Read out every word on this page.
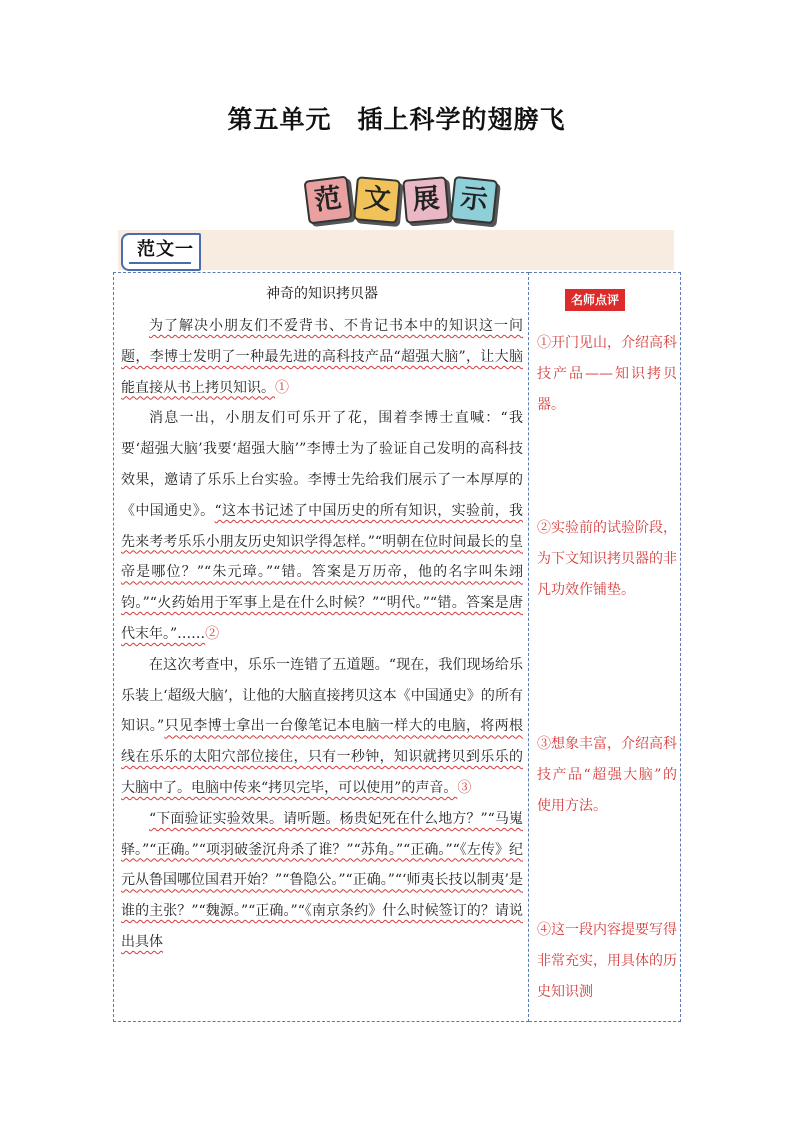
第五单元　插上科学的翅膀飞
范 文 展 示
范文一
神奇的知识拷贝器

为了解决小朋友们不爱背书、不肯记书本中的知识这一问题，李博士发明了一种最先进的高科技产品“超强大脑”，让大脑能直接从书上拷贝知识。①

消息一出，小朋友们可乐开了花，围着李博士直喊：“我要‘超强大脑’我要‘超强大脑’”李博士为了验证自己发明的高科技效果，邀请了乐乐上台实验。李博士先给我们展示了一本厚厚的《中国通史》。“这本书记述了中国历史的所有知识，实验前，我先来考考乐乐小朋友历史知识学得怎样。”“明朝在位时间最长的皇帝是哪位？”“朱元璋。”“错。答案是万历帝，他的名字叫朱翊钧。”“火药始用于军事上是在什么时候？”“明代。”“错。答案是唐代末年。”……②

在这次考查中，乐乐一连错了五道题。“现在，我们现场给乐乐装上‘超级大脑’，让他的大脑直接拷贝这本《中国通史》的所有知识。”只见李博士拿出一台像笔记本电脑一样大的电脑，将两根线在乐乐的太阳穴部位接住，只有一秒钟，知识就拷贝到乐乐的大脑中了。电脑中传来“拷贝完毕，可以使用”的声音。③

“下面验证实验效果。请听题。杨贵妃死在什么地方？”“马嵬驿。”“正确。”“项羽破釜沉舟杀了谁？”“苏角。”“正确。”“《左传》纪元从鲁国哪位国君开始？”“鲁隐公。”“正确。”“‘师夷长技以制夷’是谁的主张？”“魏源。”“正确。”“《南京条约》什么时候签订的？请说出具体

名师点评
①开门见山，介绍高科技产品——知识拷贝器。
②实验前的试验阶段，为下文知识拷贝器的非凡功效作铺垫。
③想象丰富，介绍高科技产品“超强大脑”的使用方法。
④这一段内容提要写得非常充实，用具体的历史知识测
